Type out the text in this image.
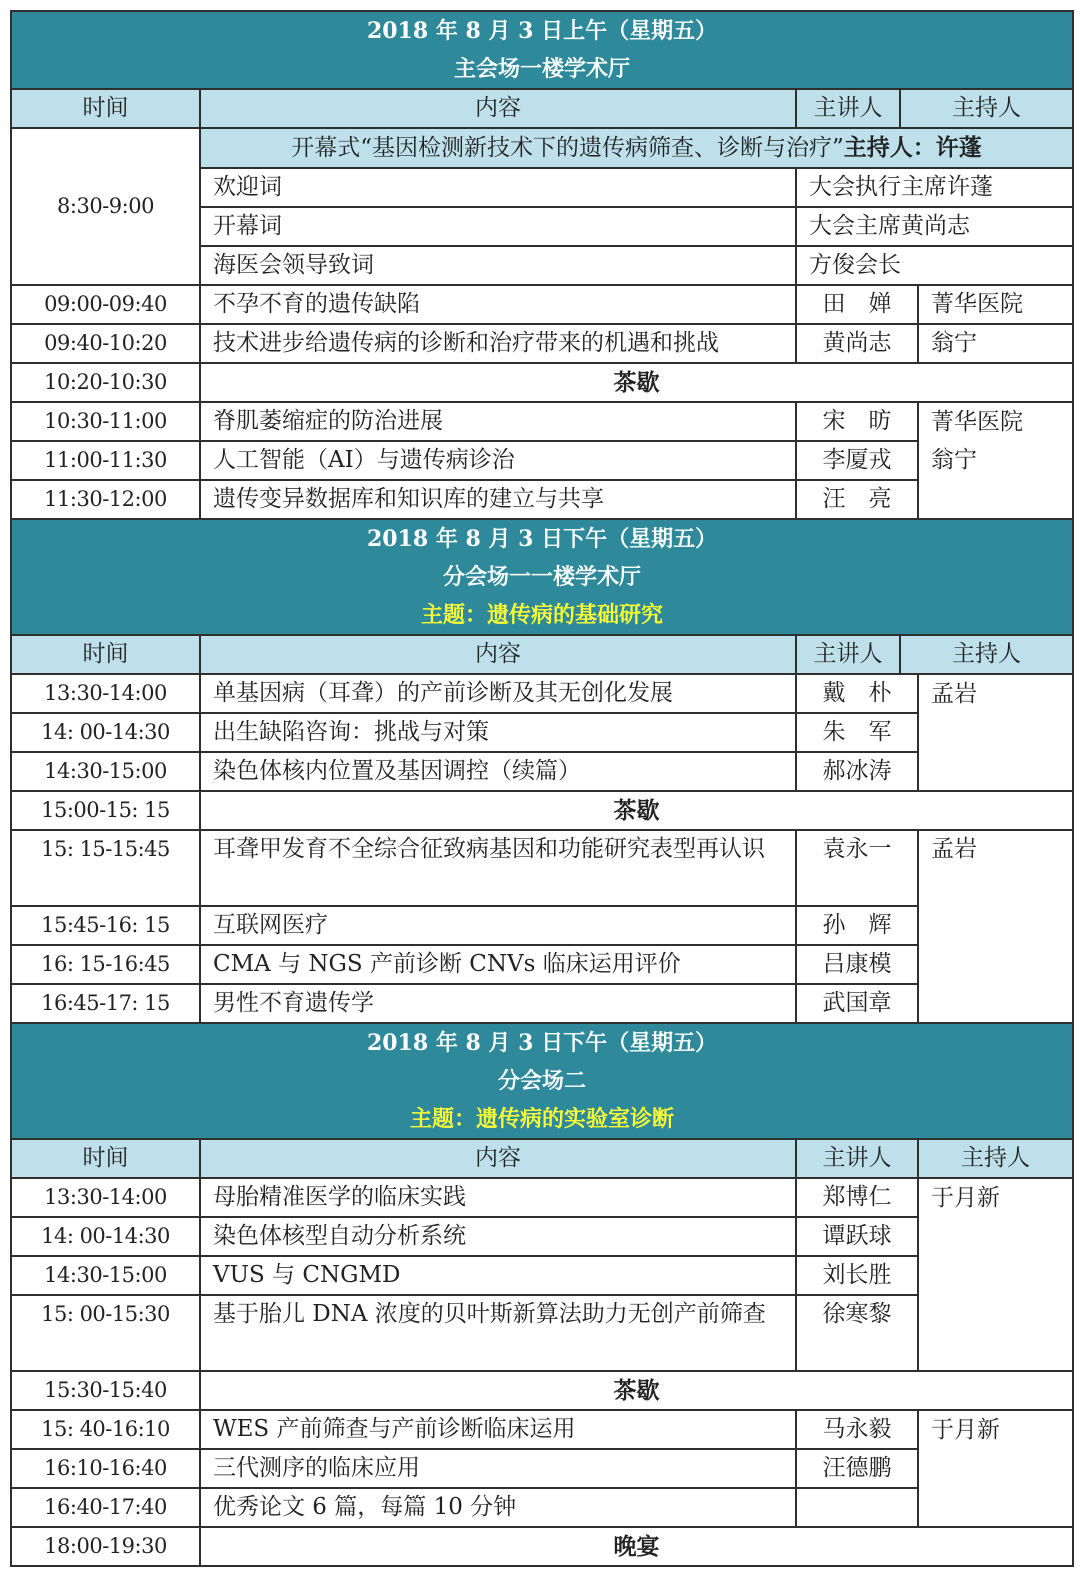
2018 年 8 月 3 日上午（星期五）
主会场一楼学术厅				

时间	内容	主讲人	主持人	
8:30-9:00	开幕式“基因检测新技术下的遗传病筛查、诊断与治疗”主持人：许蓬			
	欢迎词	大会执行主席许蓬		
	开幕词	大会主席黄尚志		
	海医会领导致词	方俊会长		
09:00-09:40	不孕不育的遗传缺陷	田　婵		菁华医院
09:40-10:20	技术进步给遗传病的诊断和治疗带来的机遇和挑战	黄尚志		翁宁
10:20-10:30	茶歇			
10:30-11:00	脊肌萎缩症的防治进展	宋　昉		菁华医院
11:00-11:30	人工智能（AI）与遗传病诊治	李厦戎		翁宁
11:30-12:00	遗传变异数据库和知识库的建立与共享	汪　亮		

2018 年 8 月 3 日下午（星期五）
分会场一一楼学术厅
主题：遗传病的基础研究				

时间	内容	主讲人	主持人	
13:30-14:00	单基因病（耳聋）的产前诊断及其无创化发展	戴　朴		孟岩
14: 00-14:30	出生缺陷咨询：挑战与对策	朱　军		
14:30-15:00	染色体核内位置及基因调控（续篇）	郝冰涛		
15:00-15: 15	茶歇			
15: 15-15:45	耳聋甲发育不全综合征致病基因和功能研究表型再认识	袁永一		孟岩
15:45-16: 15	互联网医疗	孙　辉		
16: 15-16:45	CMA 与 NGS 产前诊断 CNVs 临床运用评价	吕康模		
16:45-17: 15	男性不育遗传学	武国章		

2018 年 8 月 3 日下午（星期五）
分会场二
主题：遗传病的实验室诊断				

时间	内容	主讲人		主持人
13:30-14:00	母胎精准医学的临床实践	郑博仁		于月新
14: 00-14:30	染色体核型自动分析系统	谭跃球		
14:30-15:00	VUS 与 CNGMD	刘长胜		
15: 00-15:30	基于胎儿 DNA 浓度的贝叶斯新算法助力无创产前筛查	徐寒黎		
15:30-15:40	茶歇			
15: 40-16:10	WES 产前筛查与产前诊断临床运用	马永毅		于月新
16:10-16:40	三代测序的临床应用	汪德鹏		
16:40-17:40	优秀论文 6 篇，每篇 10 分钟			
18:00-19:30	晚宴			
